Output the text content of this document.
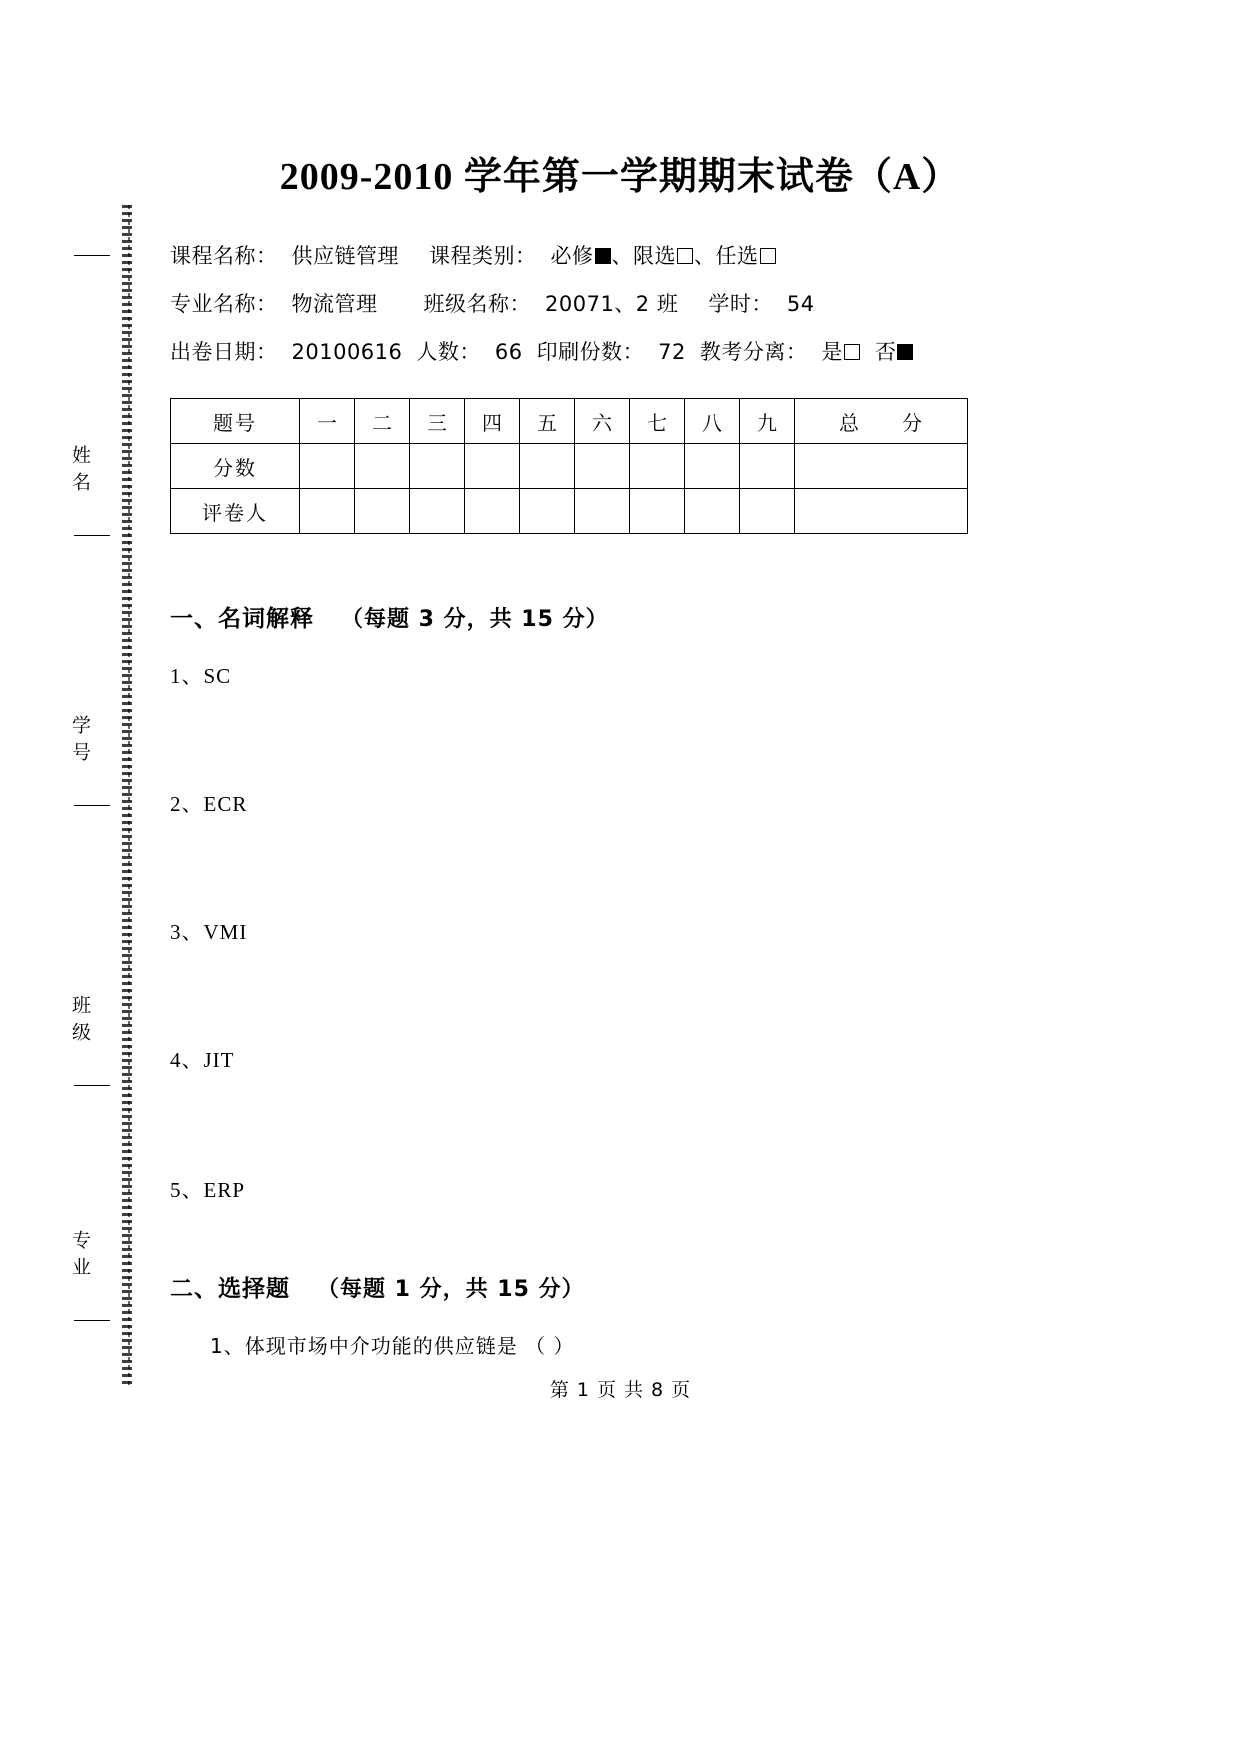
姓名
学号
班级
专业
2009-2010 学年第一学期期末试卷（A）
课程名称： 供应链管理 课程类别： 必修 、限选 、任选
专业名称： 物流管理 班级名称： 20071、2 班 学时： 54
出卷日期： 20100616 人数： 66 印刷份数： 72 教考分离： 是 否
题号	一	二	三	四	五	六	七	八	九	总　　分
分数										
评卷人										
一、名词解释 （每题 3 分，共 15 分）
1、SC
2、ECR
3、VMI
4、JIT
5、ERP
二、选择题 （每题 1 分，共 15 分）
1、体现市场中介功能的供应链是 （ ）
第 1 页 共 8 页
